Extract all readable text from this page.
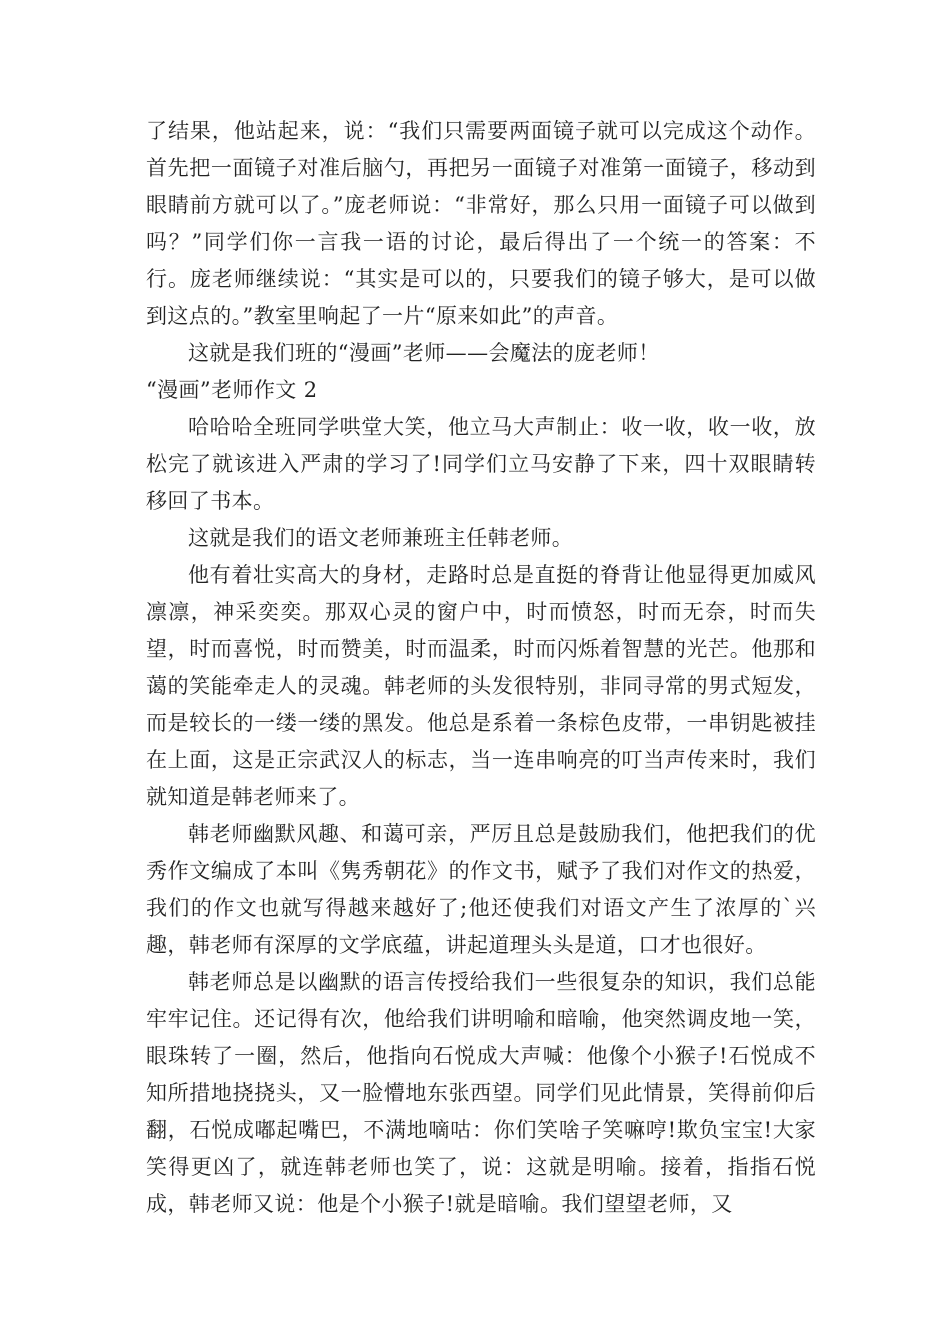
了结果，他站起来，说：“我们只需要两面镜子就可以完成这个动作。首先把一面镜子对准后脑勺，再把另一面镜子对准第一面镜子，移动到眼睛前方就可以了。”庞老师说：“非常好，那么只用一面镜子可以做到吗？”同学们你一言我一语的讨论，最后得出了一个统一的答案：不行。庞老师继续说：“其实是可以的，只要我们的镜子够大，是可以做到这点的。”教室里响起了一片“原来如此”的声音。

这就是我们班的“漫画”老师——会魔法的庞老师！

“漫画”老师作文 2

哈哈哈全班同学哄堂大笑，他立马大声制止：收一收，收一收，放松完了就该进入严肃的学习了!同学们立马安静了下来，四十双眼睛转移回了书本。

这就是我们的语文老师兼班主任韩老师。

他有着壮实高大的身材，走路时总是直挺的脊背让他显得更加威风凛凛，神采奕奕。那双心灵的窗户中，时而愤怒，时而无奈，时而失望，时而喜悦，时而赞美，时而温柔，时而闪烁着智慧的光芒。他那和蔼的笑能牵走人的灵魂。韩老师的头发很特别，非同寻常的男式短发，而是较长的一缕一缕的黑发。他总是系着一条棕色皮带，一串钥匙被挂在上面，这是正宗武汉人的标志，当一连串响亮的叮当声传来时，我们就知道是韩老师来了。

韩老师幽默风趣、和蔼可亲，严厉且总是鼓励我们，他把我们的优秀作文编成了本叫《隽秀朝花》的作文书，赋予了我们对作文的热爱，我们的作文也就写得越来越好了;他还使我们对语文产生了浓厚的`兴趣，韩老师有深厚的文学底蕴，讲起道理头头是道，口才也很好。

韩老师总是以幽默的语言传授给我们一些很复杂的知识，我们总能牢牢记住。还记得有次，他给我们讲明喻和暗喻，他突然调皮地一笑，眼珠转了一圈，然后，他指向石悦成大声喊：他像个小猴子!石悦成不知所措地挠挠头，又一脸懵地东张西望。同学们见此情景，笑得前仰后翻，石悦成嘟起嘴巴，不满地嘀咕：你们笑啥子笑嘛哼!欺负宝宝!大家笑得更凶了，就连韩老师也笑了，说：这就是明喻。接着，指指石悦成，韩老师又说：他是个小猴子!就是暗喻。我们望望老师，又
